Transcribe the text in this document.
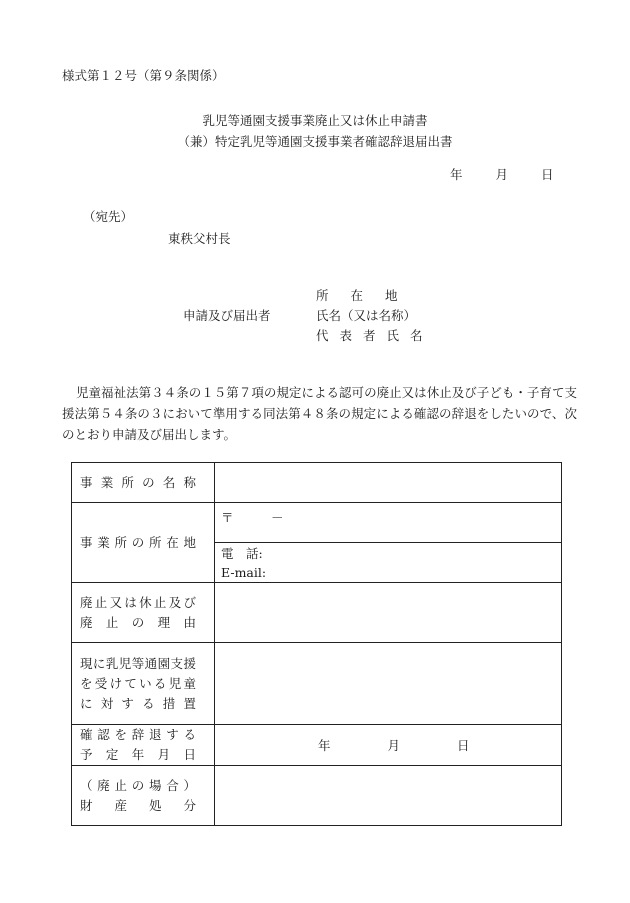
様式第１２号（第９条関係）
乳児等通園支援事業廃止又は休止申請書
（兼）特定乳児等通園支援事業者確認辞退届出書
年	月	日
（宛先）
東秩父村長
申請及び届出者
所在地
氏名（又は名称）
代表者氏名
児童福祉法第３４条の１５第７項の規定による認可の廃止又は休止及び子ども・子育て支援法第５４条の３において準用する同法第４８条の規定による確認の辞退をしたいので、次のとおり申請及び届出します。
事業所の名称	

事業所の所在地	〒　　　－

	電　話:
E-mail:

廃止又は休止及び
廃止の理由	

現に乳児等通園支援
を受けている児童
に対する措置	

確認を辞退する
予定年月日	年 月 日

（廃止の場合）
財産処分	
